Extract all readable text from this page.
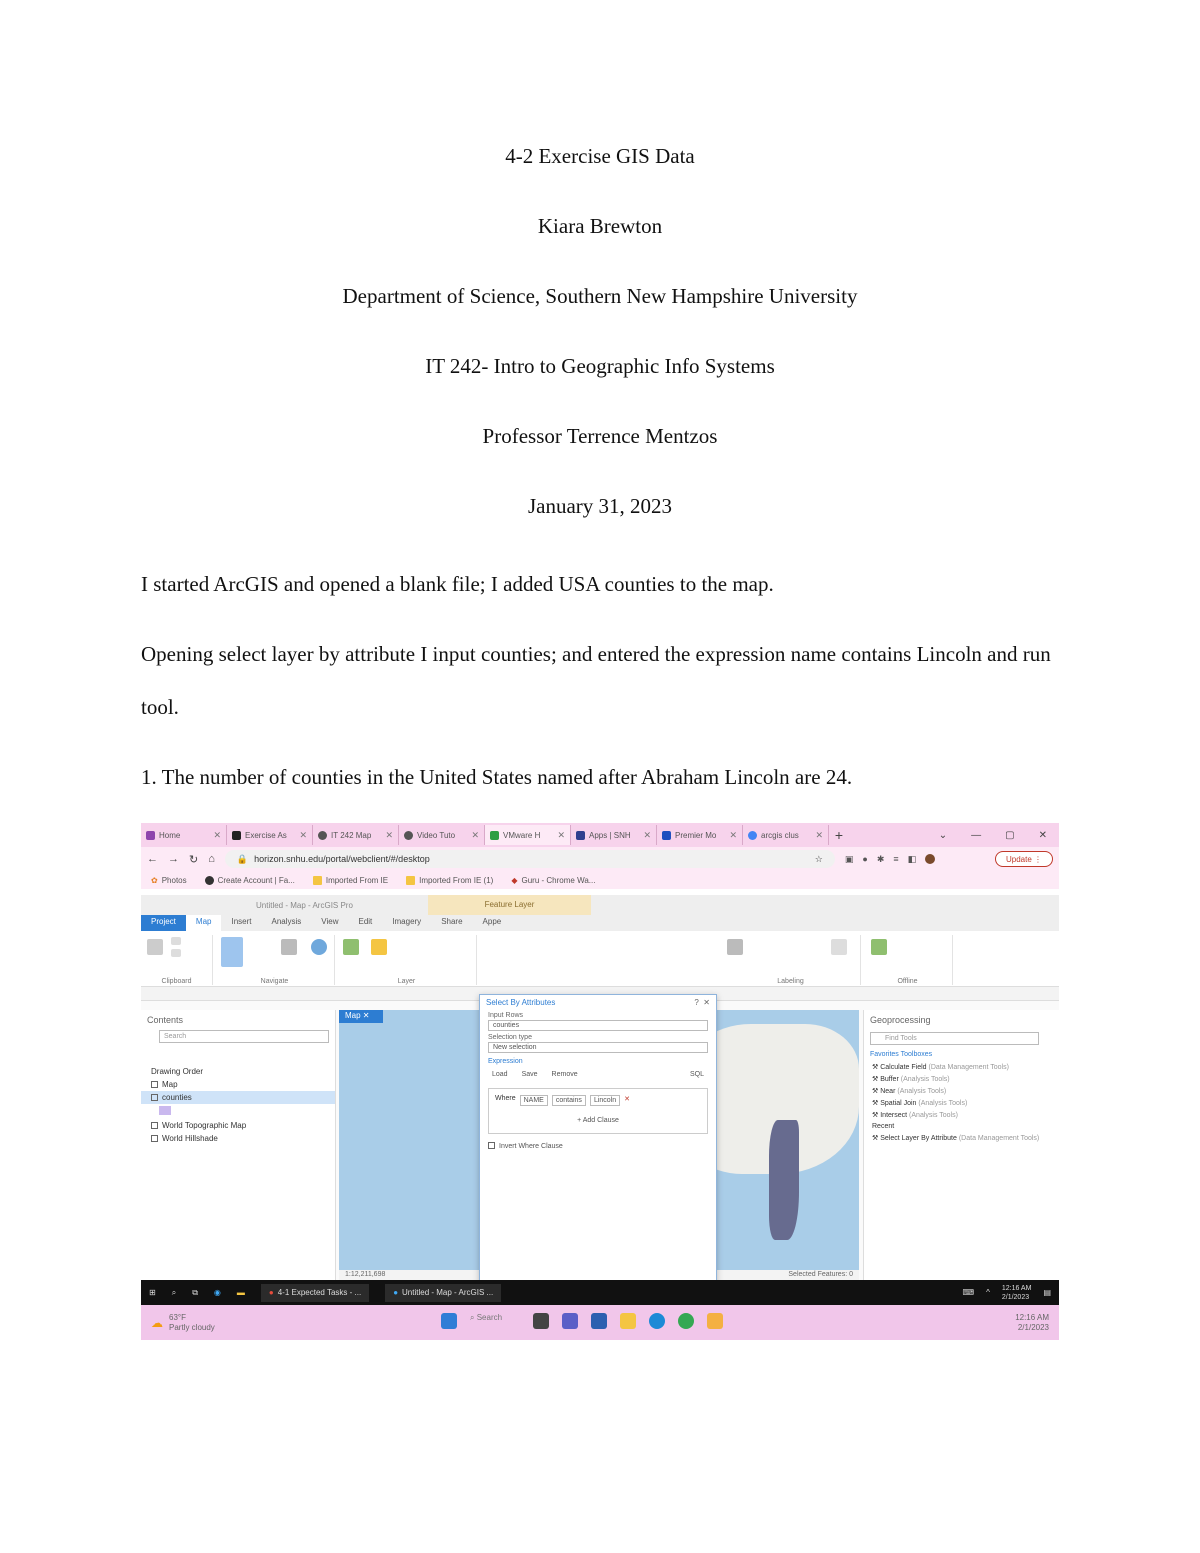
4-2 Exercise GIS Data
Kiara Brewton
Department of Science, Southern New Hampshire University
IT 242- Intro to Geographic Info Systems
Professor Terrence Mentzos
January 31, 2023

I started ArcGIS and opened a blank file; I added USA counties to the map.

Opening select layer by attribute I input counties; and entered the expression name contains Lincoln and run tool.

1. The number of counties in the United States named after Abraham Lincoln are 24.

Home	✕	Exercise As ✕	IT 242 Map ✕	Video Tuto ✕	VMware H ✕	Apps | SNH ✕	Premier Mo ✕	arcgis clus ✕ +	⌄ — ▢ ✕
← → ↻ ⌂ 🔒 horizon.snhu.edu/portal/webclient/#/desktop	☆ ▣ ● ✱ ≡ ◧	Update ⋮
✿ Photos	Create Account | Fa...	Imported From IE	Imported From IE (1) ◆ Guru - Chrome Wa...
Untitled - Map - ArcGIS Pro	Feature Layer
Project	Map	Insert	Analysis	View	Edit	Imagery	Share	Appe
Clipboard	Navigate	Layer	Labeling	Offline
Contents
Search
Drawing Order
Map
counties
World Topographic Map
World Hillshade
Map ✕
1:12,211,698	Selected Features: 0
Geoprocessing
Find Tools
Favorites Toolboxes
⚒ Calculate Field (Data Management Tools)
⚒ Buffer (Analysis Tools)
⚒ Near (Analysis Tools)
⚒ Spatial Join (Analysis Tools)
⚒ Intersect (Analysis Tools)
Recent
⚒ Select Layer By Attribute (Data Management Tools)
Select By Attributes	?  ✕
Input Rows
counties
Selection type
New selection
Expression
Load Save Remove	SQL
Where	NAME	contains	Lincoln	✕
+ Add Clause
Invert Where Clause
⊞ ⌕ ⧉ ◉ ▬	● 4-1 Expected Tasks - ...	● Untitled - Map - ArcGIS ...	⌨ ^ 12:16 AM
2/1/2023 ▤
☁ 63°F
Partly cloudy
⌕ Search	12:16 AM
2/1/2023
